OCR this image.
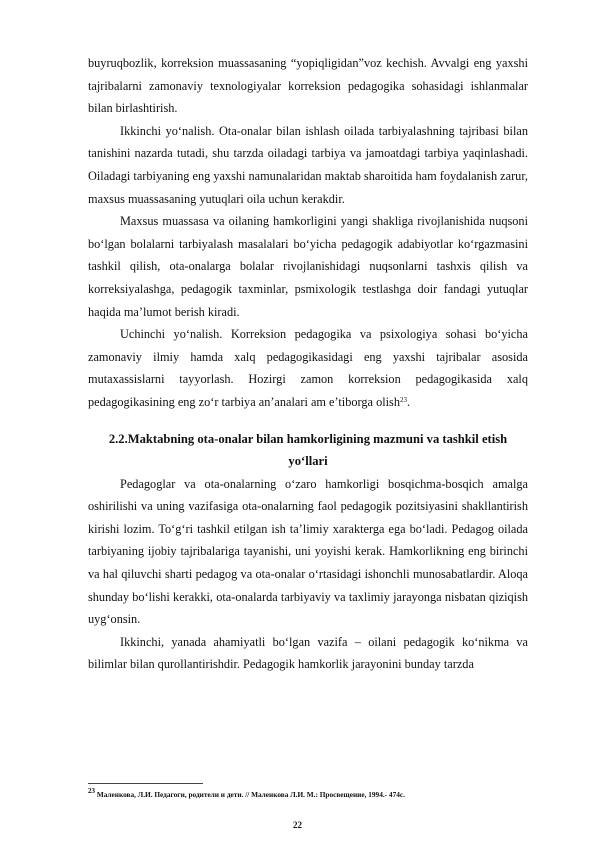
buyruqbozlik, korreksion muassasaning “yopiqligidan”voz kechish. Avvalgi eng yaxshi tajribalarni zamonaviy texnologiyalar korreksion pedagogika sohasidagi ishlanmalar bilan birlashtirish.

Ikkinchi yo‘nalish. Ota-onalar bilan ishlash oilada tarbiyalashning tajribasi bilan tanishini nazarda tutadi, shu tarzda oiladagi tarbiya va jamoatdagi tarbiya yaqinlashadi. Oiladagi tarbiyaning eng yaxshi namunalaridan maktab sharoitida ham foydalanish zarur, maxsus muassasaning yutuqlari oila uchun kerakdir.

Maxsus muassasa va oilaning hamkorligini yangi shakliga rivojlanishida nuqsoni bo‘lgan bolalarni tarbiyalash masalalari bo‘yicha pedagogik adabiyotlar ko‘rgazmasini tashkil qilish, ota-onalarga bolalar rivojlanishidagi nuqsonlarni tashxis qilish va korreksiyalashga, pedagogik taxminlar, psmixologik testlashga doir fandagi yutuqlar haqida ma’lumot berish kiradi.

Uchinchi yo‘nalish. Korreksion pedagogika va psixologiya sohasi bo‘yicha zamonaviy ilmiy hamda xalq pedagogikasidagi eng yaxshi tajribalar asosida mutaxassislarni tayyorlash. Hozirgi zamon korreksion pedagogikasida xalq pedagogikasining eng zo‘r tarbiya an’analari am e’tiborga olish$^{23}$.

2.2.Maktabning ota-onalar bilan hamkorligining mazmuni va tashkil etish
yo‘llari

Pedagoglar va ota-onalarning o‘zaro hamkorligi bosqichma-bosqich amalga oshirilishi va uning vazifasiga ota-onalarning faol pedagogik pozitsiyasini shakllantirish kirishi lozim. To‘g‘ri tashkil etilgan ish ta’limiy xarakterga ega bo‘ladi. Pedagog oilada tarbiyaning ijobiy tajribalariga tayanishi, uni yoyishi kerak. Hamkorlikning eng birinchi va hal qiluvchi sharti pedagog va ota-onalar o‘rtasidagi ishonchli munosabatlardir. Aloqa shunday bo‘lishi kerakki, ota-onalarda tarbiyaviy va taxlimiy jarayonga nisbatan qiziqish uyg‘onsin.

Ikkinchi, yanada ahamiyatli bo‘lgan vazifa – oilani pedagogik ko‘nikma va bilimlar bilan qurollantirishdir. Pedagogik hamkorlik jarayonini bunday tarzda

$^{23}$ Маленкова, Л.И. Педагоги, родители и дети. // Маленкова Л.И. М.: Просвещение, 1994.- 474с.
22
